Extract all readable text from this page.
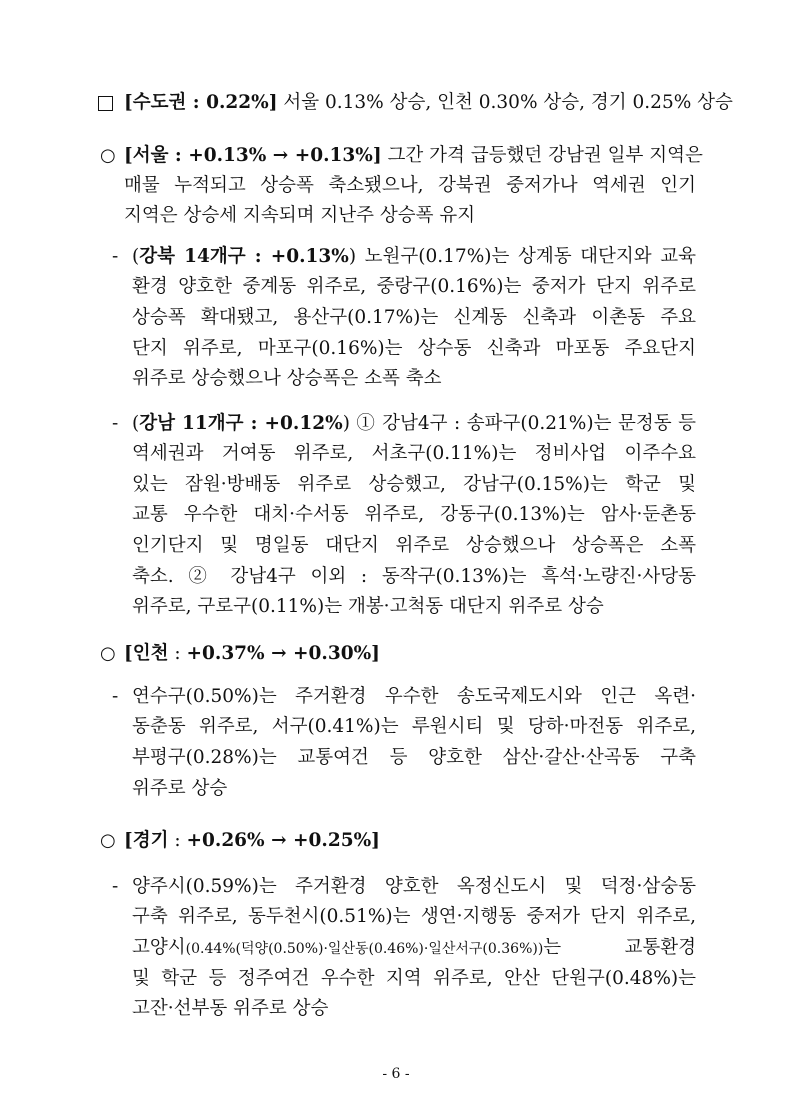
[수도권 : 0.22%] 서울 0.13% 상승, 인천 0.30% 상승, 경기 0.25% 상승
○ [서울 : +0.13% → +0.13%] 그간 가격 급등했던 강남권 일부 지역은
매물 누적되고 상승폭 축소됐으나, 강북권 중저가나 역세권 인기
지역은 상승세 지속되며 지난주 상승폭 유지
- (강북 14개구 : +0.13%) 노원구(0.17%)는 상계동 대단지와 교육
환경 양호한 중계동 위주로, 중랑구(0.16%)는 중저가 단지 위주로
상승폭 확대됐고, 용산구(0.17%)는 신계동 신축과 이촌동 주요
단지 위주로, 마포구(0.16%)는 상수동 신축과 마포동 주요단지
위주로 상승했으나 상승폭은 소폭 축소
- (강남 11개구 : +0.12%) ① 강남4구 : 송파구(0.21%)는 문정동 등
역세권과 거여동 위주로, 서초구(0.11%)는 정비사업 이주수요
있는 잠원·방배동 위주로 상승했고, 강남구(0.15%)는 학군 및
교통 우수한 대치·수서동 위주로, 강동구(0.13%)는 암사·둔촌동
인기단지 및 명일동 대단지 위주로 상승했으나 상승폭은 소폭
축소. ② 강남4구 이외 : 동작구(0.13%)는 흑석·노량진·사당동
위주로, 구로구(0.11%)는 개봉·고척동 대단지 위주로 상승
○ [인천 : +0.37% → +0.30%]
- 연수구(0.50%)는 주거환경 우수한 송도국제도시와 인근 옥련·
동춘동 위주로, 서구(0.41%)는 루원시티 및 당하·마전동 위주로,
부평구(0.28%)는 교통여건 등 양호한 삼산·갈산·산곡동 구축
위주로 상승
○ [경기 : +0.26% → +0.25%]
- 양주시(0.59%)는 주거환경 양호한 옥정신도시 및 덕정·삼숭동
구축 위주로, 동두천시(0.51%)는 생연·지행동 중저가 단지 위주로,
고양시(0.44%(덕양(0.50%)·일산동(0.46%)·일산서구(0.36%))는 교통환경
및 학군 등 정주여건 우수한 지역 위주로, 안산 단원구(0.48%)는
고잔·선부동 위주로 상승
- 6 -
